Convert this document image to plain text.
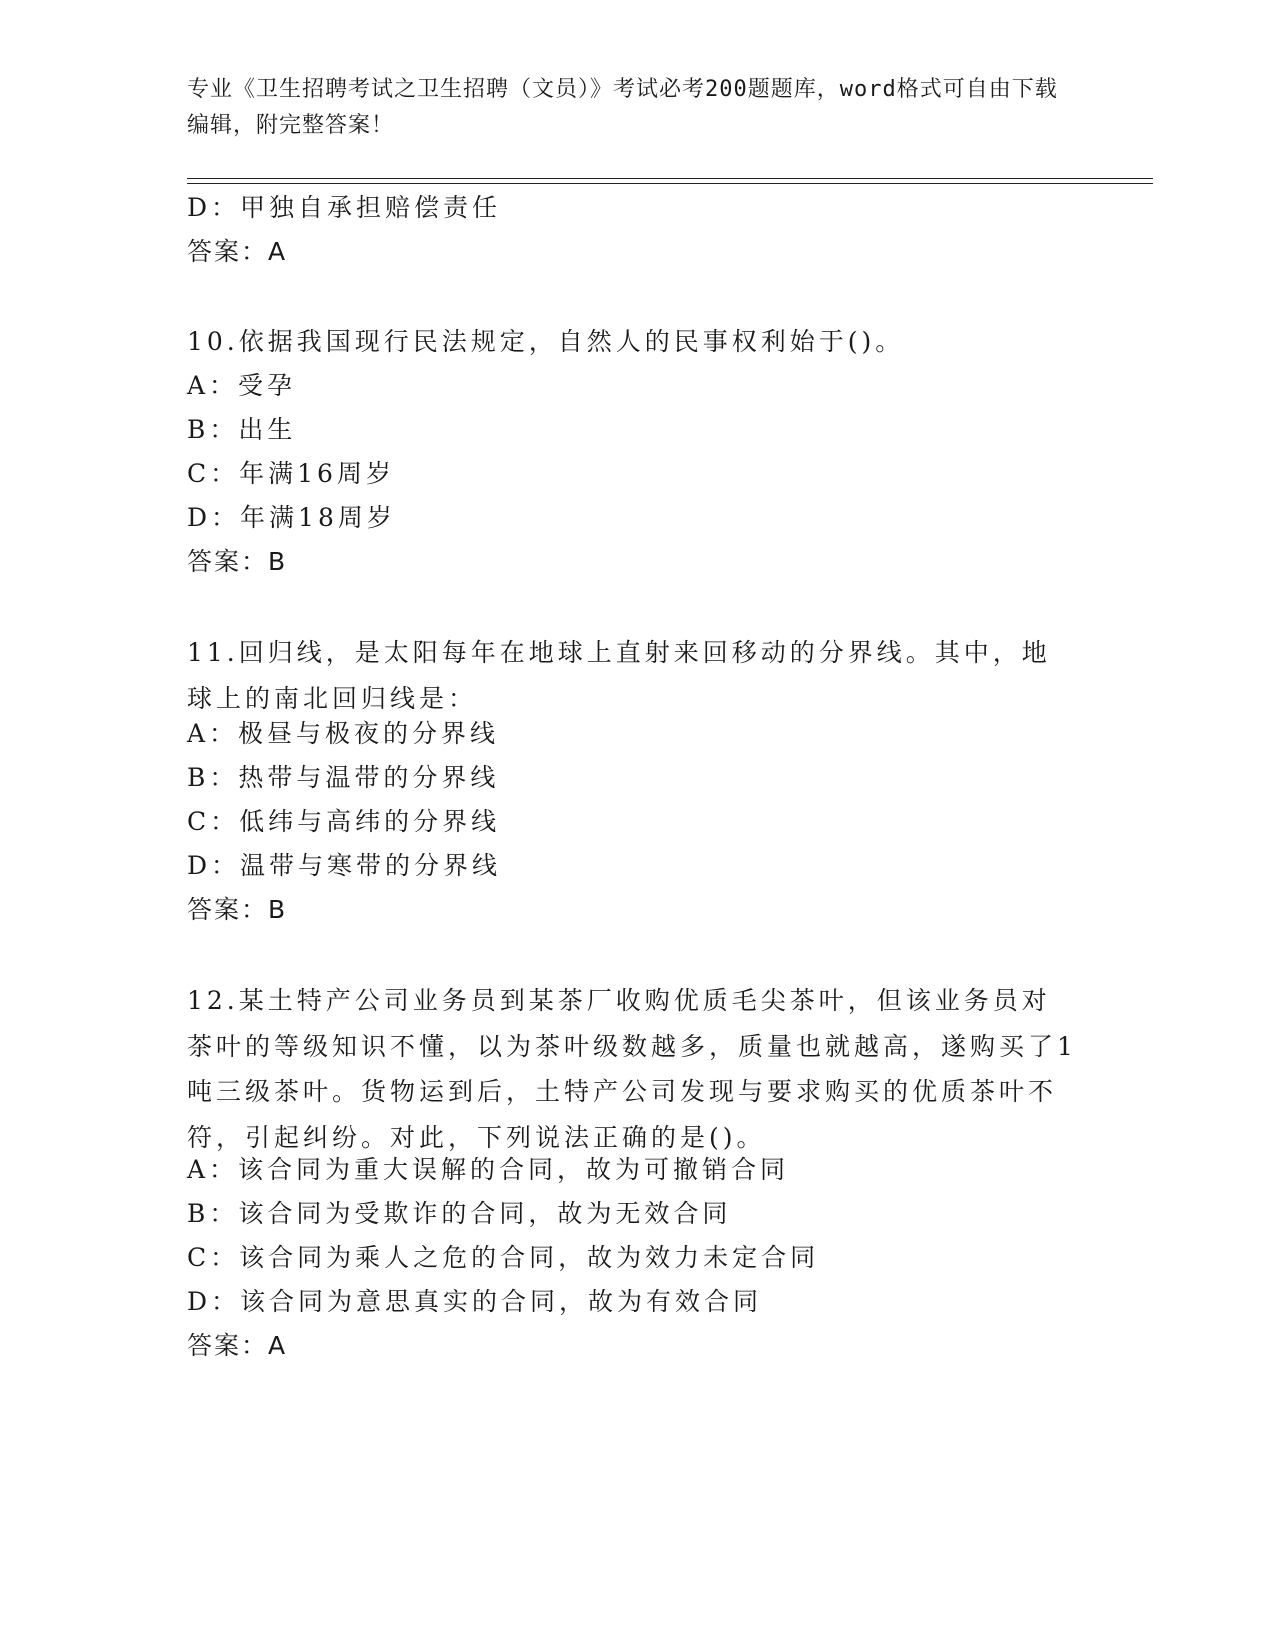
专业《卫生招聘考试之卫生招聘（文员）》考试必考200题题库，word格式可自由下载编辑，附完整答案！
D：甲独自承担赔偿责任
答案：A
10.依据我国现行民法规定，自然人的民事权利始于()。
A：受孕
B：出生
C：年满16周岁
D：年满18周岁
答案：B
11.回归线，是太阳每年在地球上直射来回移动的分界线。其中，地球上的南北回归线是：
A：极昼与极夜的分界线
B：热带与温带的分界线
C：低纬与高纬的分界线
D：温带与寒带的分界线
答案：B
12.某土特产公司业务员到某茶厂收购优质毛尖茶叶，但该业务员对茶叶的等级知识不懂，以为茶叶级数越多，质量也就越高，遂购买了1吨三级茶叶。货物运到后，土特产公司发现与要求购买的优质茶叶不符，引起纠纷。对此，下列说法正确的是()。
A：该合同为重大误解的合同，故为可撤销合同
B：该合同为受欺诈的合同，故为无效合同
C：该合同为乘人之危的合同，故为效力未定合同
D：该合同为意思真实的合同，故为有效合同
答案：A
